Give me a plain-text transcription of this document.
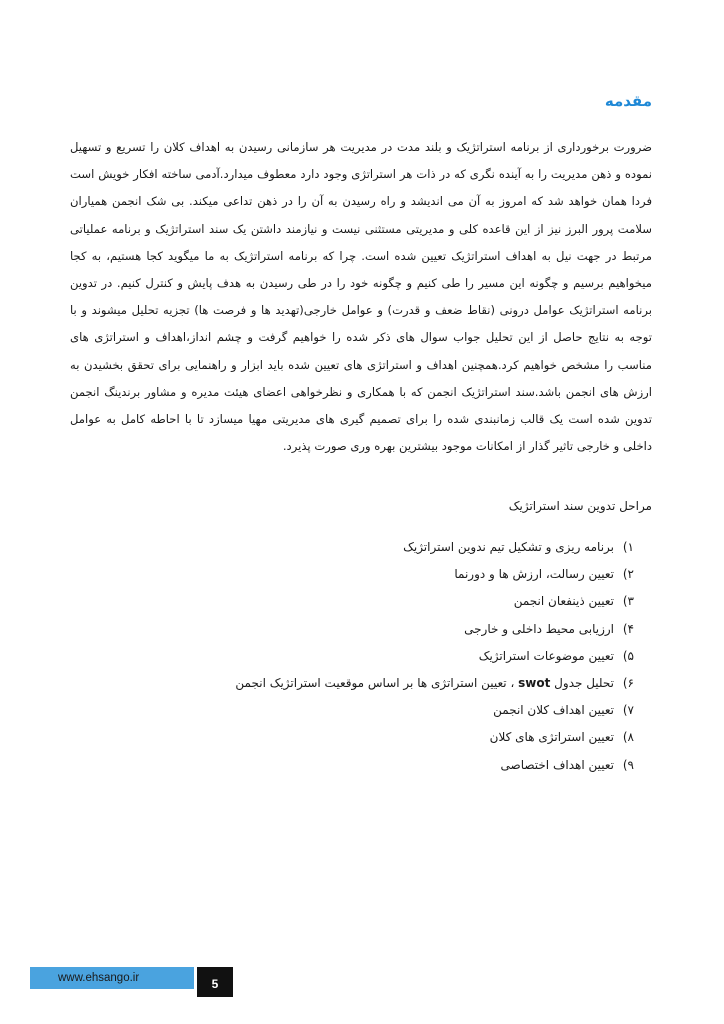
مقدمه

ضرورت برخورداری از برنامه استراتژیک و بلند مدت در مدیریت هر سازمانی رسیدن به اهداف کلان را تسریع و تسهیل نموده و ذهن مدیریت را به آینده نگری که در ذات هر استراتژی وجود دارد معطوف میدارد.آدمی ساخته افکار خویش است فردا همان خواهد شد که امروز به آن می اندیشد و راه رسیدن به آن را در ذهن تداعی میکند. بی شک انجمن همیاران سلامت پرور البرز نیز از این قاعده کلی و مدیریتی مستثنی نیست و نیازمند داشتن یک سند استراتژیک و برنامه عملیاتی مرتبط در جهت نیل به اهداف استراتژیک تعیین شده است. چرا که برنامه استراتژیک به ما میگوید کجا هستیم، به کجا میخواهیم برسیم و چگونه این مسیر را طی کنیم و چگونه خود را در طی رسیدن به هدف پایش و کنترل کنیم. در تدوین برنامه استراتژیک عوامل درونی (نقاط ضعف و قدرت) و عوامل خارجی(تهدید ها و فرصت ها) تجزیه تحلیل میشوند و با توجه به نتایج حاصل از این تحلیل جواب سوال های ذکر شده را خواهیم گرفت و چشم انداز،اهداف و استراتژی های مناسب را مشخص خواهیم کرد.همچنین اهداف و استراتژی های تعیین شده باید ابزار و راهنمایی برای تحقق بخشیدن به ارزش های انجمن باشد.سند استراتژیک انجمن که با همکاری و نظرخواهی اعضای هیئت مدیره و مشاور برندینگ انجمن تدوین شده است یک قالب زمانبندی شده را برای تصمیم گیری های مدیریتی مهیا میسازد تا با احاطه کامل به عوامل داخلی و خارجی تاثیر گذار از امکانات موجود بیشترین بهره وری صورت پذیرد.

مراحل تدوین سند استراتژیک

۱)برنامه ریزی و تشکیل تیم ندوین استراتژیک
۲)تعیین رسالت، ارزش ها و دورنما
۳)تعیین ذینفعان انجمن
۴)ارزیابی محیط داخلی و خارجی
۵)تعیین موضوعات استراتژیک
۶)تحلیل جدول swot ، تعیین استراتژی ها بر اساس موقعیت استراتژیک انجمن
۷)تعیین اهداف کلان انجمن
۸)تعیین استراتژی های کلان
۹)تعیین اهداف اختصاصی
www.ehsango.ir	5
